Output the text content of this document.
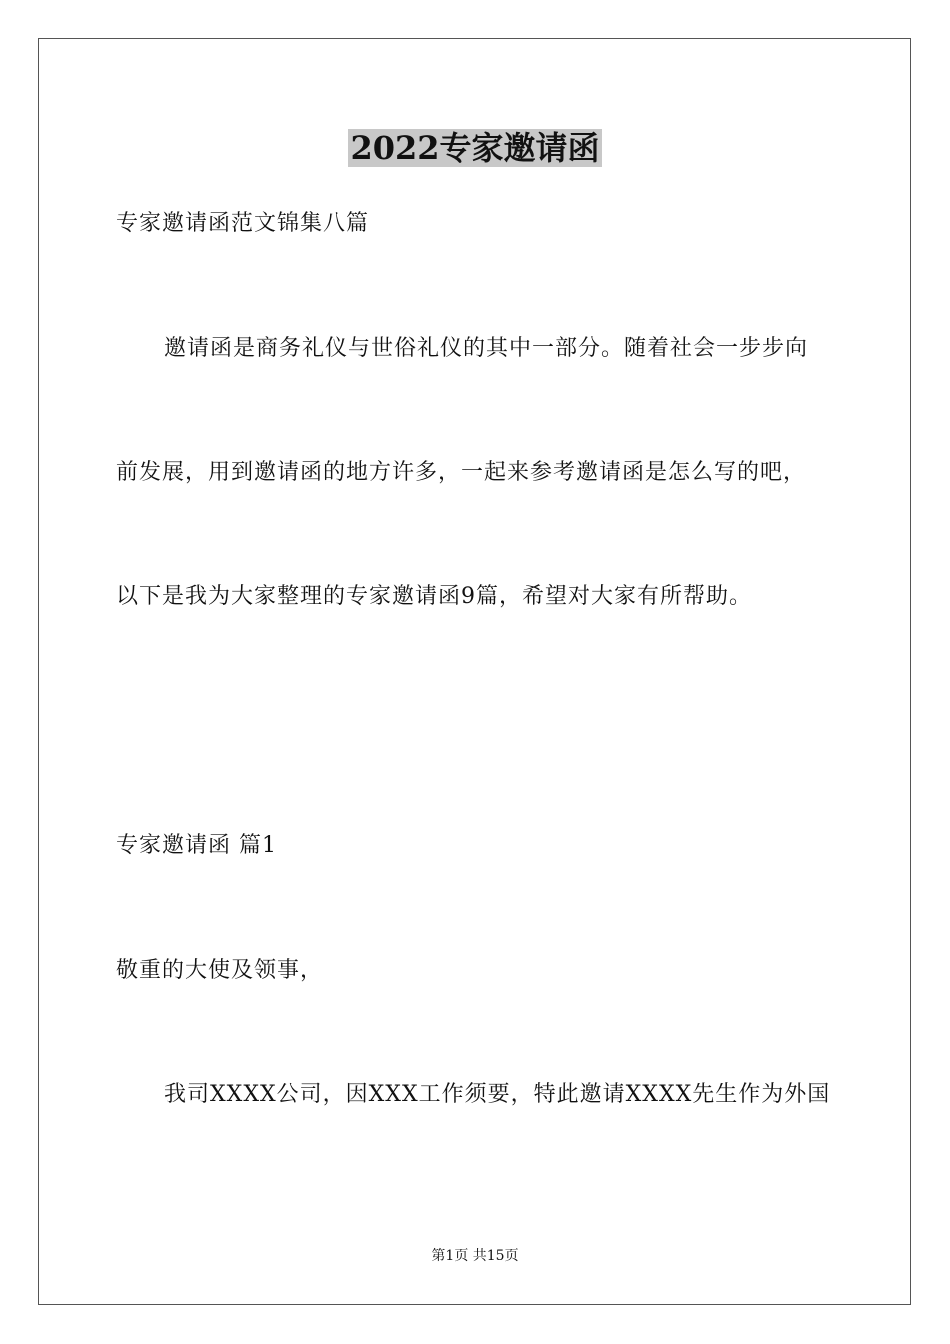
2022专家邀请函
专家邀请函范文锦集八篇
邀请函是商务礼仪与世俗礼仪的其中一部分。随着社会一步步向
前发展，用到邀请函的地方许多，一起来参考邀请函是怎么写的吧，
以下是我为大家整理的专家邀请函9篇，希望对大家有所帮助。
专家邀请函 篇1
敬重的大使及领事，
我司XXXX公司，因XXX工作须要，特此邀请XXXX先生作为外国
第1页 共15页
